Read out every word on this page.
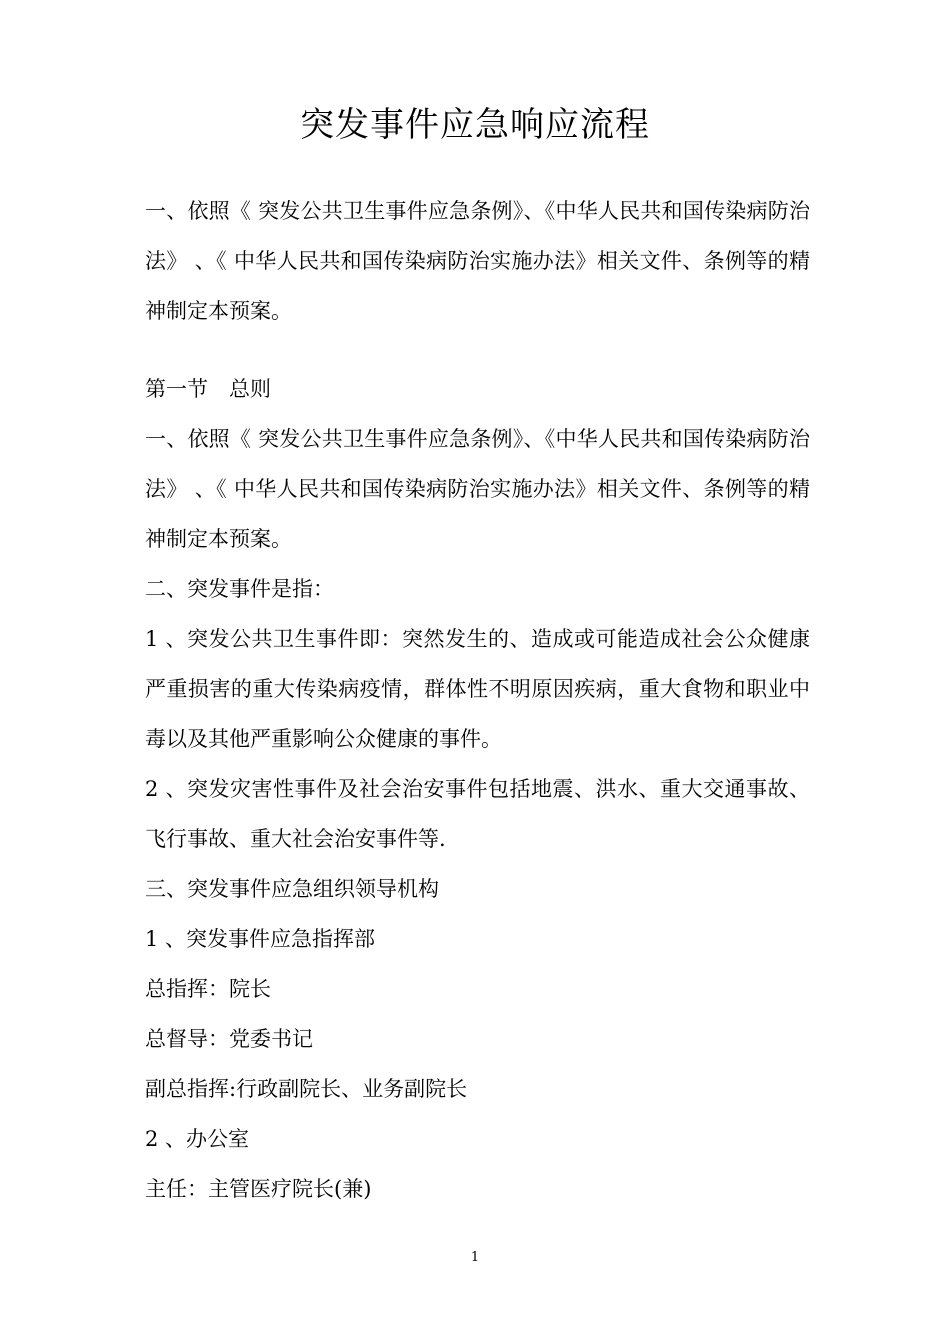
突发事件应急响应流程

一、依照《 突发公共卫生事件应急条例》、《中华人民共和国传染病防治法》 、《 中华人民共和国传染病防治实施办法》相关文件、条例等的精神制定本预案。

第一节　总则

一、依照《 突发公共卫生事件应急条例》、《中华人民共和国传染病防治法》 、《 中华人民共和国传染病防治实施办法》相关文件、条例等的精神制定本预案。

二、突发事件是指：

1 、突发公共卫生事件即：突然发生的、造成或可能造成社会公众健康严重损害的重大传染病疫情，群体性不明原因疾病，重大食物和职业中毒以及其他严重影响公众健康的事件。

2 、突发灾害性事件及社会治安事件包括地震、洪水、重大交通事故、飞行事故、重大社会治安事件等.

三、突发事件应急组织领导机构

1 、突发事件应急指挥部

总指挥：院长

总督导：党委书记

副总指挥:行政副院长、业务副院长

2 、办公室

主任：主管医疗院长(兼)

1
